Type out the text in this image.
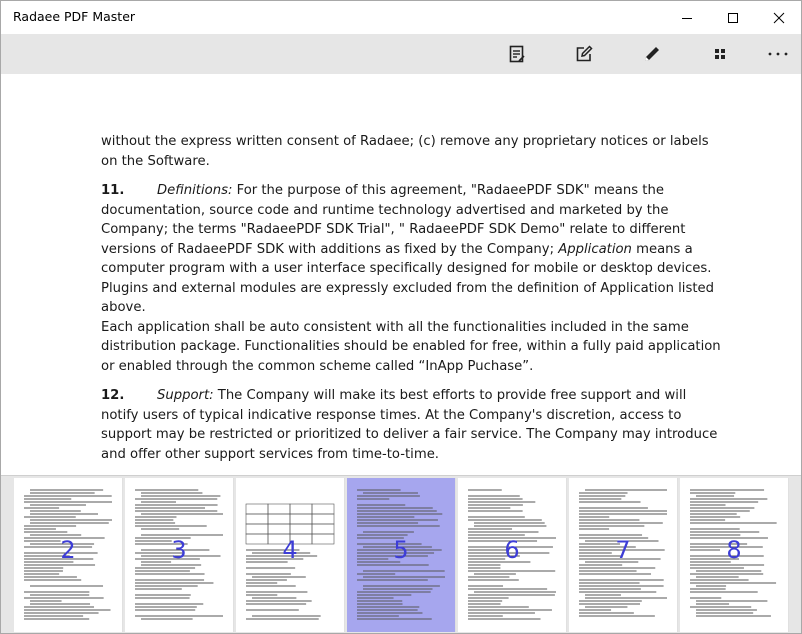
Radaee PDF Master

without the express written consent of Radaee; (c) remove any proprietary notices or labels on the Software.

11. Definitions: For the purpose of this agreement, "RadaeePDF SDK" means the documentation, source code and runtime technology advertised and marketed by the Company; the terms "RadaeePDF SDK Trial", " RadaeePDF SDK Demo" relate to different versions of RadaeePDF SDK with additions as fixed by the Company; Application means a computer program with a user interface specifically designed for mobile or desktop devices. Plugins and external modules are expressly excluded from the definition of Application listed above.

Each application shall be auto consistent with all the functionalities included in the same distribution package. Functionalities should be enabled for free, within a fully paid application or enabled through the common scheme called “InApp Puchase”.

12. Support: The Company will make its best efforts to provide free support and will notify users of typical indicative response times. At the Company's discretion, access to support may be restricted or prioritized to deliver a fair service. The Company may introduce and offer other support services from time-to-time.

2	3	4	5	6	7	8
